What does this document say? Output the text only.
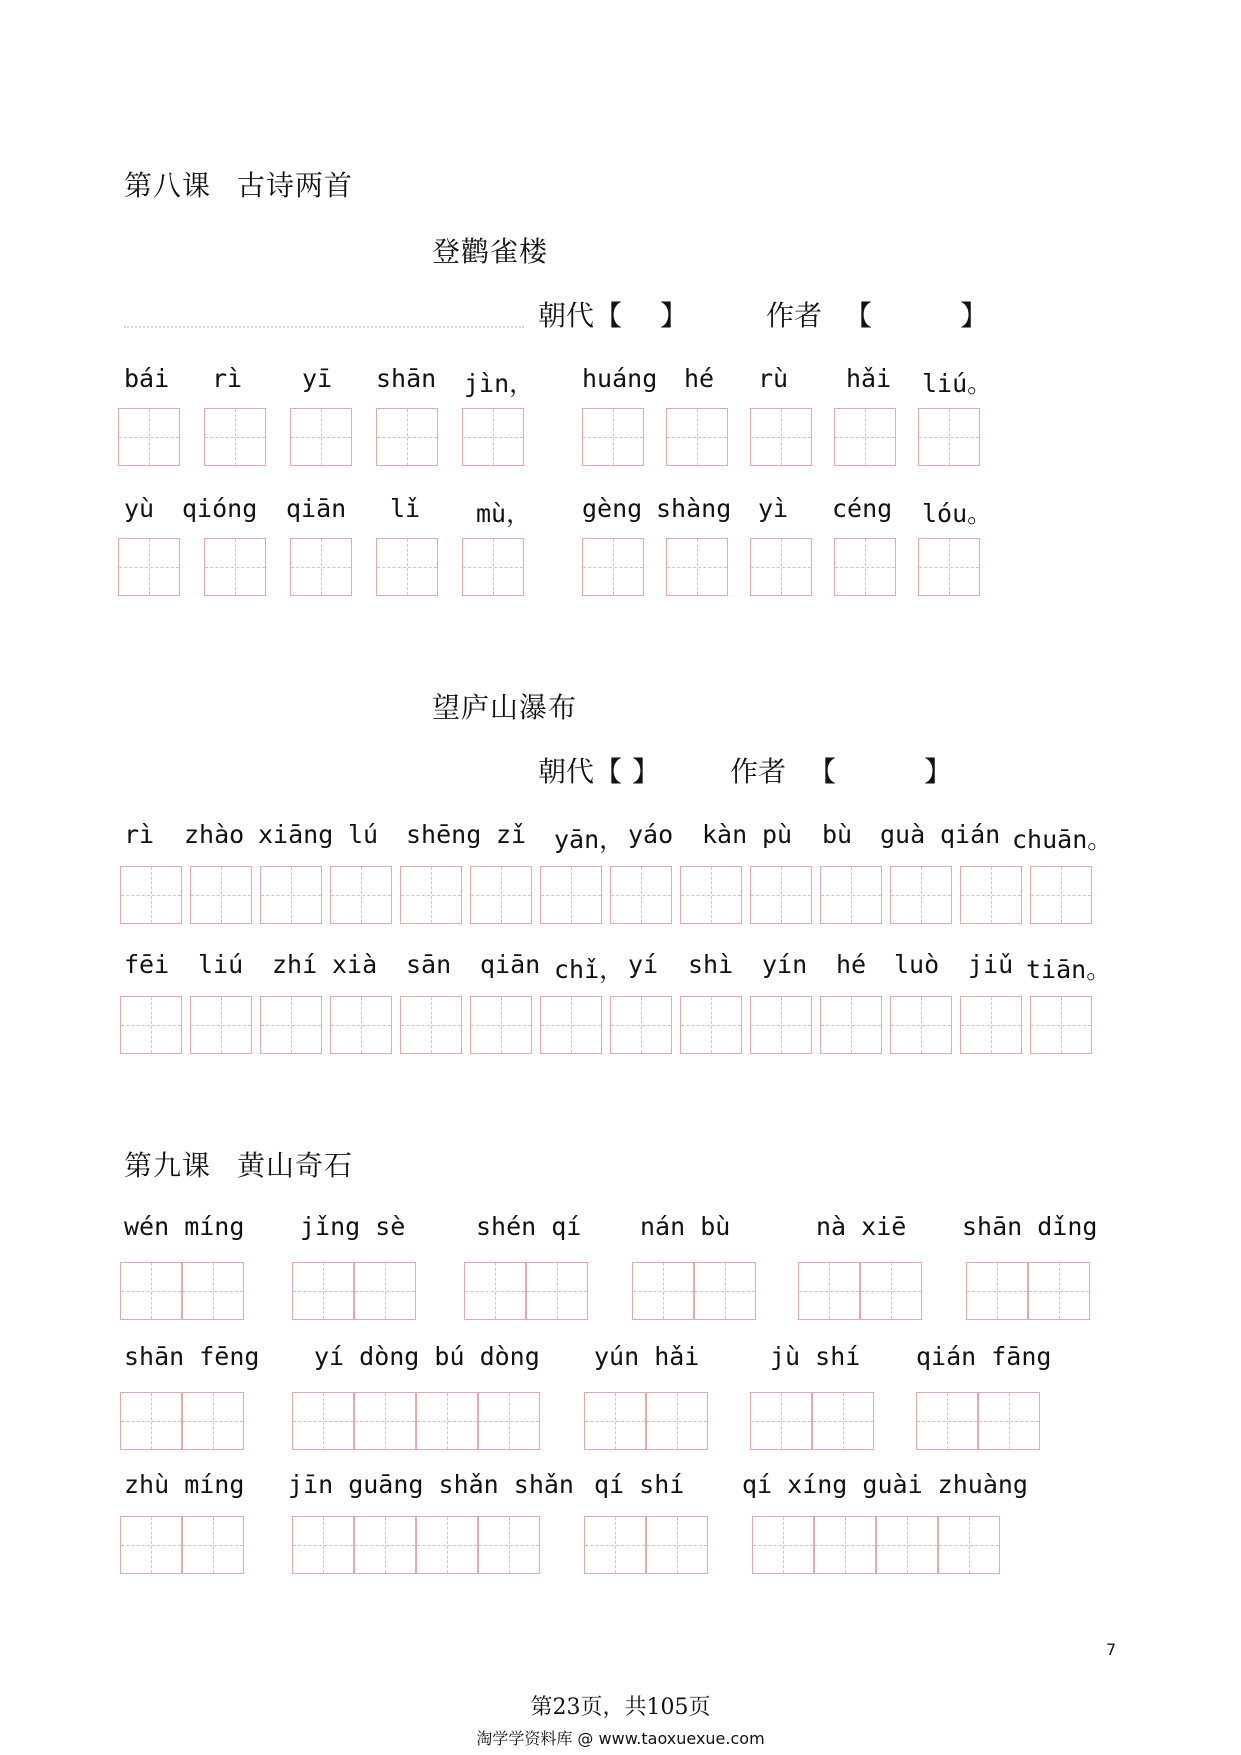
第八课 古诗两首
登鹳雀楼
朝代【 】	作者 【	】
bái rì yī shān jìn， huáng hé rù hǎi liú。
yù qióng qiān lǐ mù， gèng shàng yì céng lóu。
望庐山瀑布
朝代【 】	作者 【	】
rì zhào xiāng lú shēng zǐ yān， yáo kàn pù bù guà qián chuān。
fēi liú zhí xià sān qiān chǐ， yí shì yín hé luò jiǔ tiān。
第九课 黄山奇石
wén míng jǐng sè	shén qí nán bù	nà xiē shān dǐng
shān fēng yí dòng bú dòng yún hǎi	jù shí qián fāng
zhù míng jīn guāng shǎn shǎn qí shí qí xíng guài zhuàng
7
第23页，共105页
淘学学资料库 @ www.taoxuexue.com
